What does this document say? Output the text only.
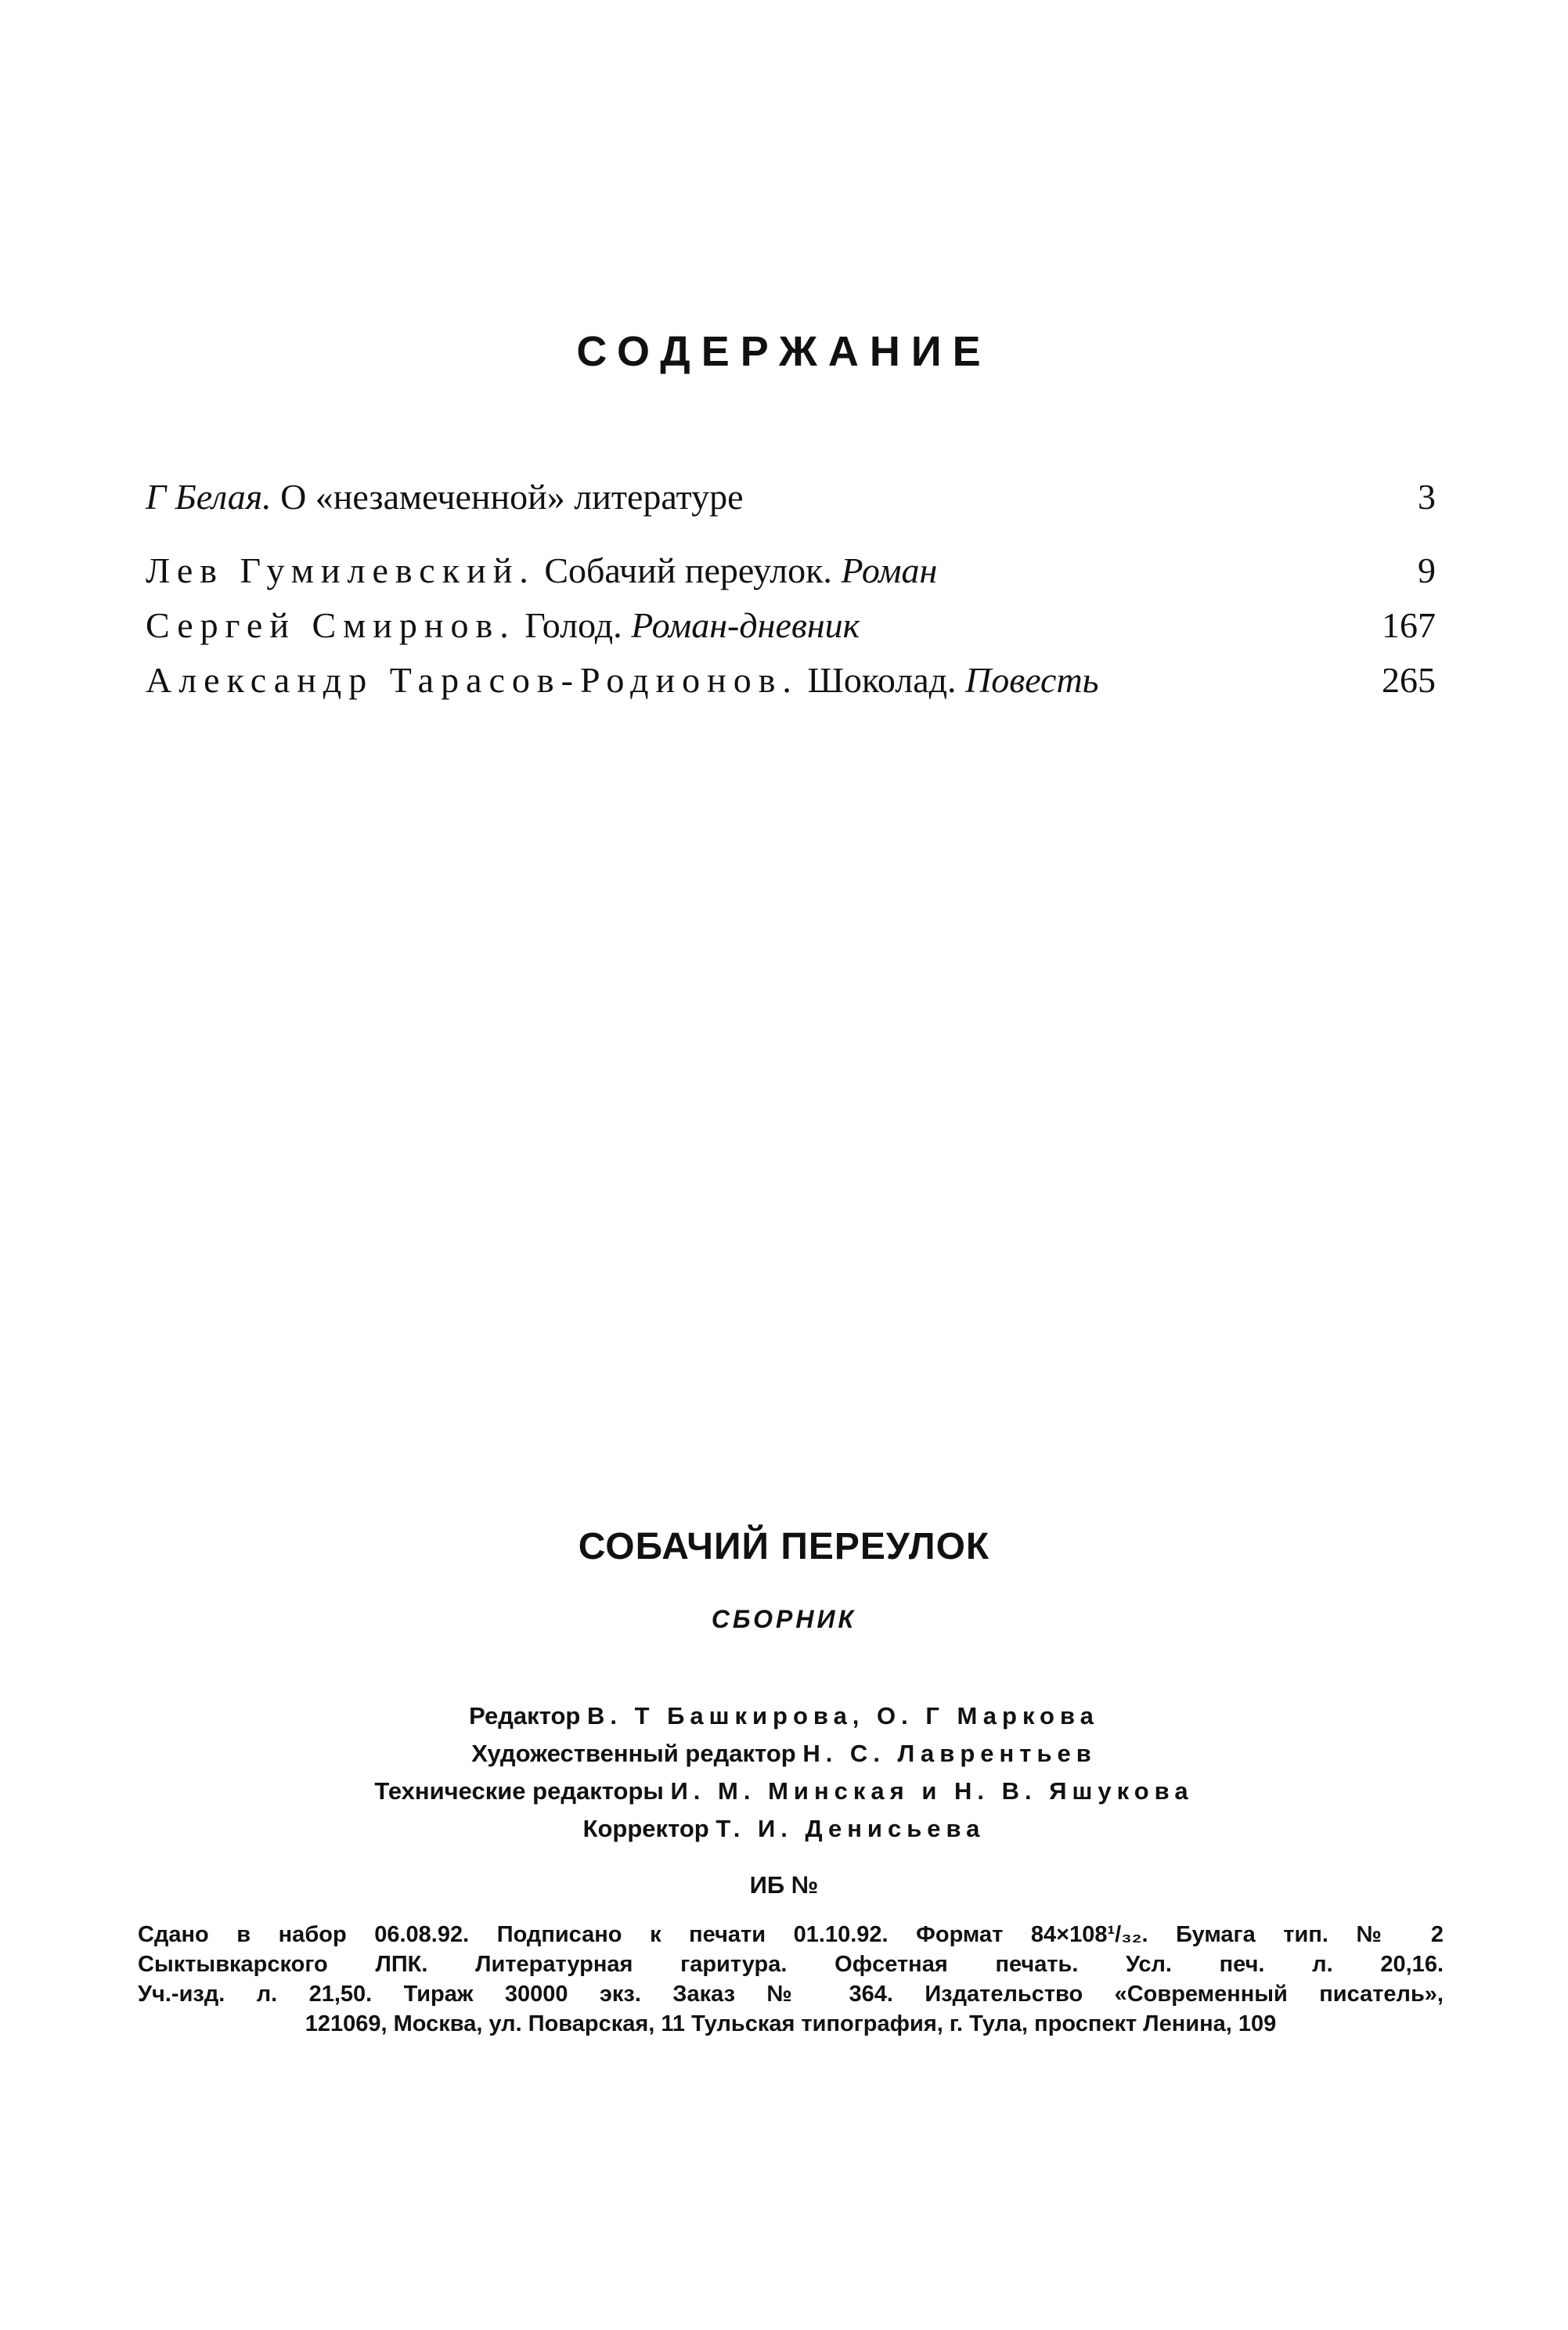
СОДЕРЖАНИЕ
Г Белая. О «незамеченной» литературе	3
Лев Гумилевский. Собачий переулок. Роман	9
Сергей Смирнов. Голод. Роман-дневник	167
Александр Тарасов-Родионов. Шоколад. Повесть	265
СОБАЧИЙ ПЕРЕУЛОК

СБОРНИК

Редактор В. Т Башкирова, О. Г Маркова
Художественный редактор Н. С. Лаврентьев
Технические редакторы И. М. Минская и Н. В. Яшукова
Корректор Т. И. Денисьева

ИБ №

Сдано в набор 06.08.92. Подписано к печати 01.10.92. Формат 84×108¹/₃₂. Бумага тип. № 2
Сыктывкарского ЛПК. Литературная гаритура. Офсетная печать. Усл. печ. л. 20,16.
Уч.-изд. л. 21,50. Тираж 30000 экз. Заказ № 364. Издательство «Современный писатель»,
121069, Москва, ул. Поварская, 11 Тульская типография, г. Тула, проспект Ленина, 109
